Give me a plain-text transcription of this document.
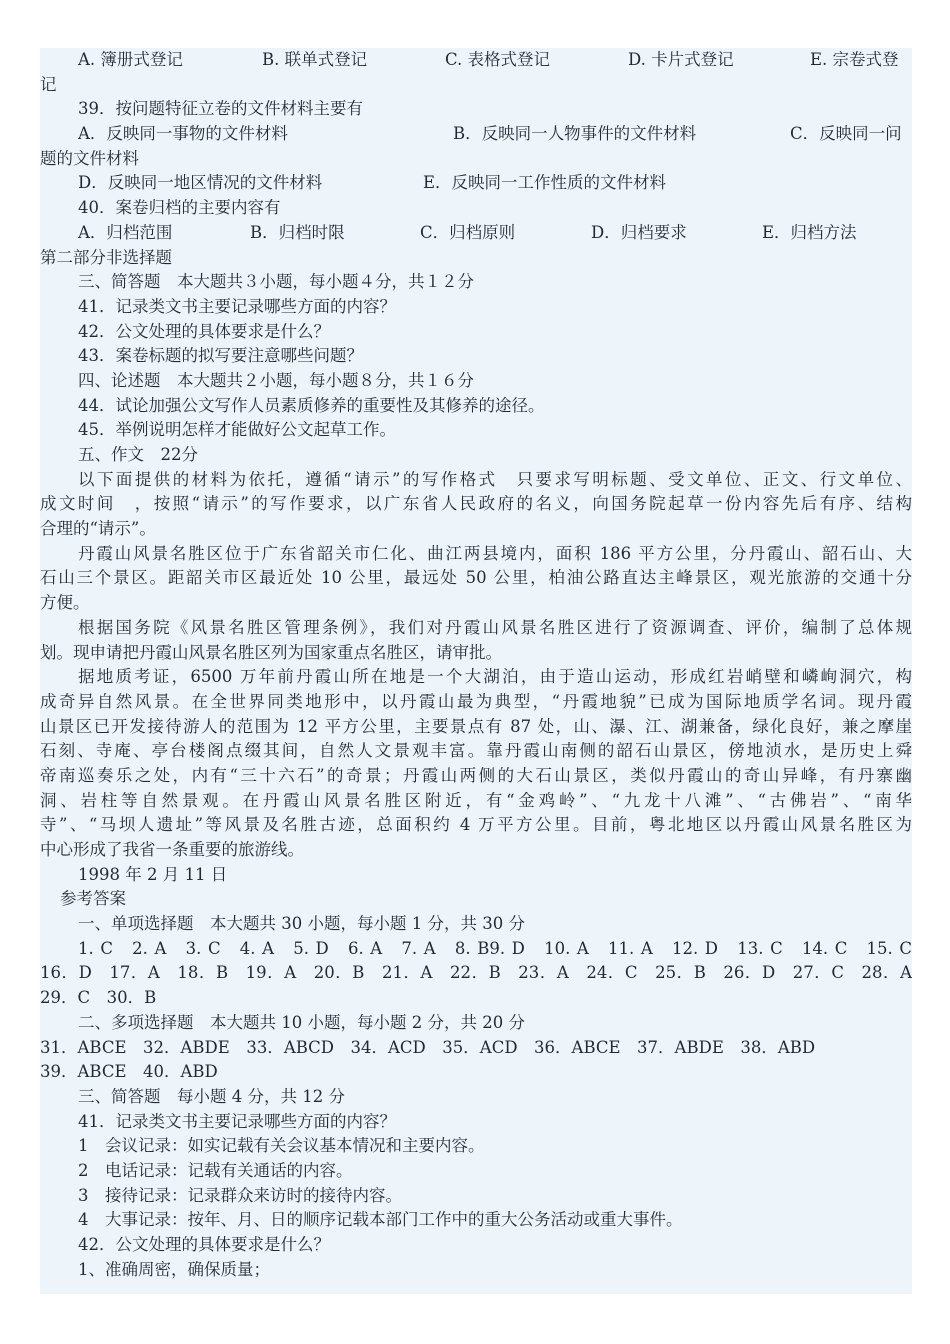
A. 簿册式登记	B. 联单式登记	C. 表格式登记	D. 卡片式登记	E. 宗卷式登
记
39．按问题特征立卷的文件材料主要有
A．反映同一事物的文件材料	B．反映同一人物事件的文件材料	C．反映同一问
题的文件材料
D．反映同一地区情况的文件材料	E．反映同一工作性质的文件材料
40．案卷归档的主要内容有
A．归档范围	B．归档时限	C．归档原则	D．归档要求	E．归档方法
第二部分非选择题
三、简答题　本大题共３小题，每小题４分，共１２分
41．记录类文书主要记录哪些方面的内容？
42．公文处理的具体要求是什么？
43．案卷标题的拟写要注意哪些问题？
四、论述题　本大题共２小题，每小题８分，共１６分
44．试论加强公文写作人员素质修养的重要性及其修养的途径。
45．举例说明怎样才能做好公文起草工作。
五、作文　22分
以下面提供的材料为依托，遵循“请示”的写作格式　只要求写明标题、受文单位、正文、行文单位、
成文时间　，按照“请示”的写作要求，以广东省人民政府的名义，向国务院起草一份内容先后有序、结构
合理的“请示”。
丹霞山风景名胜区位于广东省韶关市仁化、曲江两县境内，面积 186 平方公里，分丹霞山、韶石山、大
石山三个景区。距韶关市区最近处 10 公里，最远处 50 公里，柏油公路直达主峰景区，观光旅游的交通十分
方便。
根据国务院《风景名胜区管理条例》，我们对丹霞山风景名胜区进行了资源调查、评价，编制了总体规
划。现申请把丹霞山风景名胜区列为国家重点名胜区，请审批。
据地质考证，6500 万年前丹霞山所在地是一个大湖泊，由于造山运动，形成红岩峭壁和嶙峋洞穴，构
成奇异自然风景。在全世界同类地形中，以丹霞山最为典型，“丹霞地貌”已成为国际地质学名词。现丹霞
山景区已开发接待游人的范围为 12 平方公里，主要景点有 87 处，山、瀑、江、湖兼备，绿化良好，兼之摩崖
石刻、寺庵、亭台楼阁点缀其间，自然人文景观丰富。靠丹霞山南侧的韶石山景区，傍地浈水，是历史上舜
帝南巡奏乐之处，内有“三十六石”的奇景；丹霞山两侧的大石山景区，类似丹霞山的奇山异峰，有丹寨幽
洞、岩柱等自然景观。在丹霞山风景名胜区附近，有“金鸡岭”、“九龙十八滩”、“古佛岩”、“南华
寺”、“马坝人遗址”等风景及名胜古迹，总面积约 4 万平方公里。目前，粤北地区以丹霞山风景名胜区为
中心形成了我省一条重要的旅游线。
1998 年 2 月 11 日
参考答案
一、单项选择题　本大题共 30 小题，每小题 1 分，共 30 分
1. C　2. A　3. C　4. A　5. D　6. A　7. A　8. B9. D　10. A　11. A　12. D　13. C　14. C　15. C
16．D　17．A　18．B　19．A　20．B　21．A　22．B　23．A　24．C　25．B　26．D　27．C　28．A
29．C　30．B
二、多项选择题　本大题共 10 小题，每小题 2 分，共 20 分
31．ABCE　32．ABDE　33．ABCD　34．ACD　35．ACD　36．ABCE　37．ABDE　38．ABD
39．ABCE　40．ABD
三、简答题　每小题 4 分，共 12 分
41．记录类文书主要记录哪些方面的内容？
1　会议记录：如实记载有关会议基本情况和主要内容。
2　电话记录：记载有关通话的内容。
3　接待记录：记录群众来访时的接待内容。
4　大事记录：按年、月、日的顺序记载本部门工作中的重大公务活动或重大事件。
42．公文处理的具体要求是什么？
1、准确周密，确保质量；
